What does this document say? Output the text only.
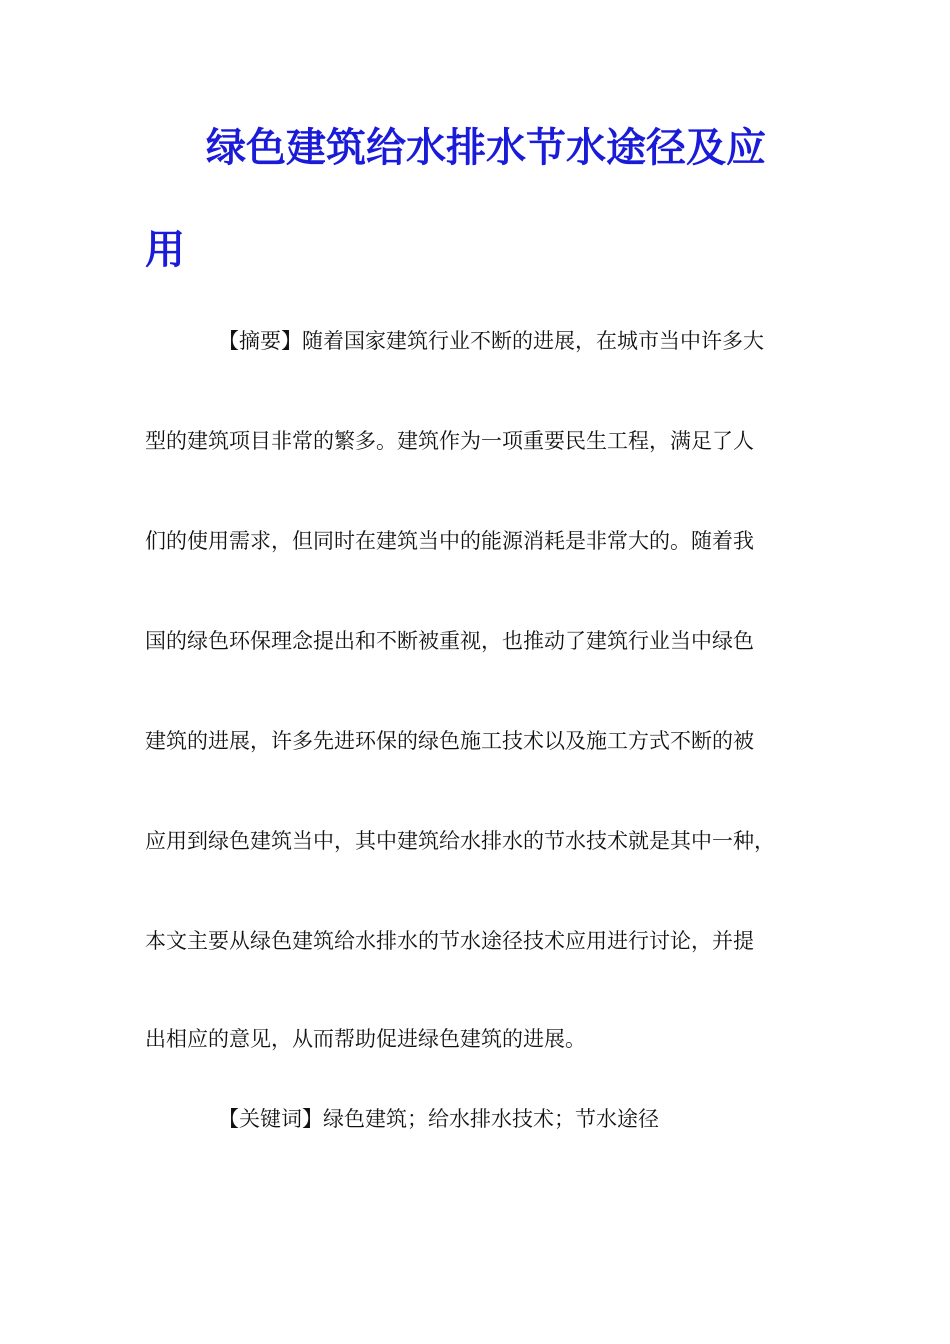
绿色建筑给水排水节水途径及应
用
【摘要】随着国家建筑行业不断的进展，在城市当中许多大
型的建筑项目非常的繁多。建筑作为一项重要民生工程，满足了人
们的使用需求，但同时在建筑当中的能源消耗是非常大的。随着我
国的绿色环保理念提出和不断被重视，也推动了建筑行业当中绿色
建筑的进展，许多先进环保的绿色施工技术以及施工方式不断的被
应用到绿色建筑当中，其中建筑给水排水的节水技术就是其中一种，
本文主要从绿色建筑给水排水的节水途径技术应用进行讨论，并提
出相应的意见，从而帮助促进绿色建筑的进展。
【关键词】绿色建筑；给水排水技术；节水途径
